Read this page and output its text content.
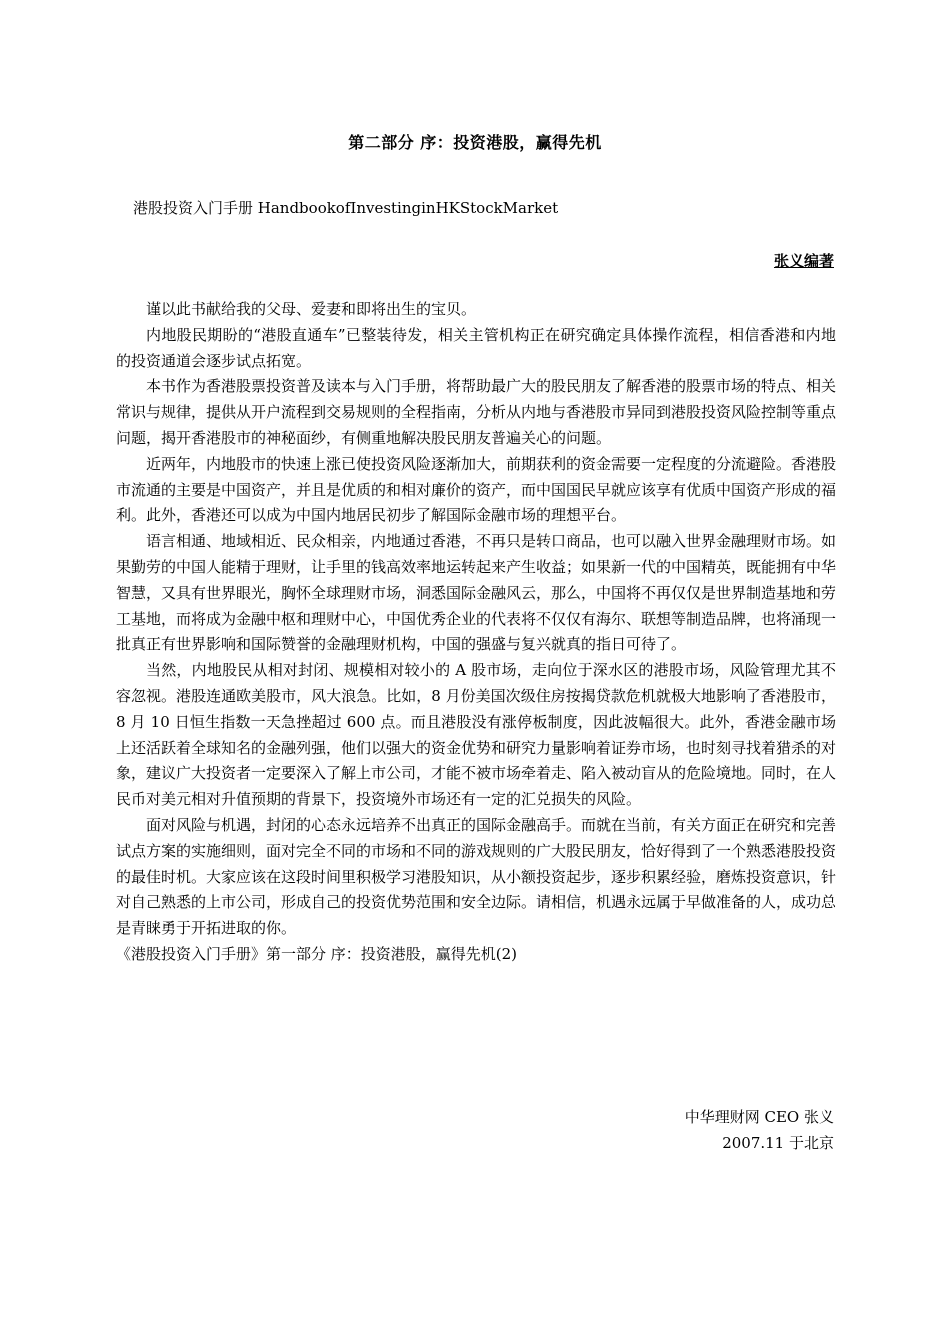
第二部分 序：投资港股，赢得先机
港股投资入门手册 HandbookofInvestinginHKStockMarket
张义编著

谨以此书献给我的父母、爱妻和即将出生的宝贝。

内地股民期盼的“港股直通车”已整装待发，相关主管机构正在研究确定具体操作流程，相信香港和内地的投资通道会逐步试点拓宽。

本书作为香港股票投资普及读本与入门手册，将帮助最广大的股民朋友了解香港的股票市场的特点、相关常识与规律，提供从开户流程到交易规则的全程指南，分析从内地与香港股市异同到港股投资风险控制等重点问题，揭开香港股市的神秘面纱，有侧重地解决股民朋友普遍关心的问题。

近两年，内地股市的快速上涨已使投资风险逐渐加大，前期获利的资金需要一定程度的分流避险。香港股市流通的主要是中国资产，并且是优质的和相对廉价的资产，而中国国民早就应该享有优质中国资产形成的福利。此外，香港还可以成为中国内地居民初步了解国际金融市场的理想平台。

语言相通、地域相近、民众相亲，内地通过香港，不再只是转口商品，也可以融入世界金融理财市场。如果勤劳的中国人能精于理财，让手里的钱高效率地运转起来产生收益；如果新一代的中国精英，既能拥有中华智慧，又具有世界眼光，胸怀全球理财市场，洞悉国际金融风云，那么，中国将不再仅仅是世界制造基地和劳工基地，而将成为金融中枢和理财中心，中国优秀企业的代表将不仅仅有海尔、联想等制造品牌，也将涌现一批真正有世界影响和国际赞誉的金融理财机构，中国的强盛与复兴就真的指日可待了。

当然，内地股民从相对封闭、规模相对较小的 A 股市场，走向位于深水区的港股市场，风险管理尤其不容忽视。港股连通欧美股市，风大浪急。比如，8 月份美国次级住房按揭贷款危机就极大地影响了香港股市，8 月 10 日恒生指数一天急挫超过 600 点。而且港股没有涨停板制度，因此波幅很大。此外，香港金融市场上还活跃着全球知名的金融列强，他们以强大的资金优势和研究力量影响着证券市场，也时刻寻找着猎杀的对象，建议广大投资者一定要深入了解上市公司，才能不被市场牵着走、陷入被动盲从的危险境地。同时，在人民币对美元相对升值预期的背景下，投资境外市场还有一定的汇兑损失的风险。

面对风险与机遇，封闭的心态永远培养不出真正的国际金融高手。而就在当前，有关方面正在研究和完善试点方案的实施细则，面对完全不同的市场和不同的游戏规则的广大股民朋友，恰好得到了一个熟悉港股投资的最佳时机。大家应该在这段时间里积极学习港股知识，从小额投资起步，逐步积累经验，磨炼投资意识，针对自己熟悉的上市公司，形成自己的投资优势范围和安全边际。请相信，机遇永远属于早做准备的人，成功总是青睐勇于开拓进取的你。

《港股投资入门手册》第一部分 序：投资港股，赢得先机(2)

中华理财网 CEO 张义
2007.11 于北京
